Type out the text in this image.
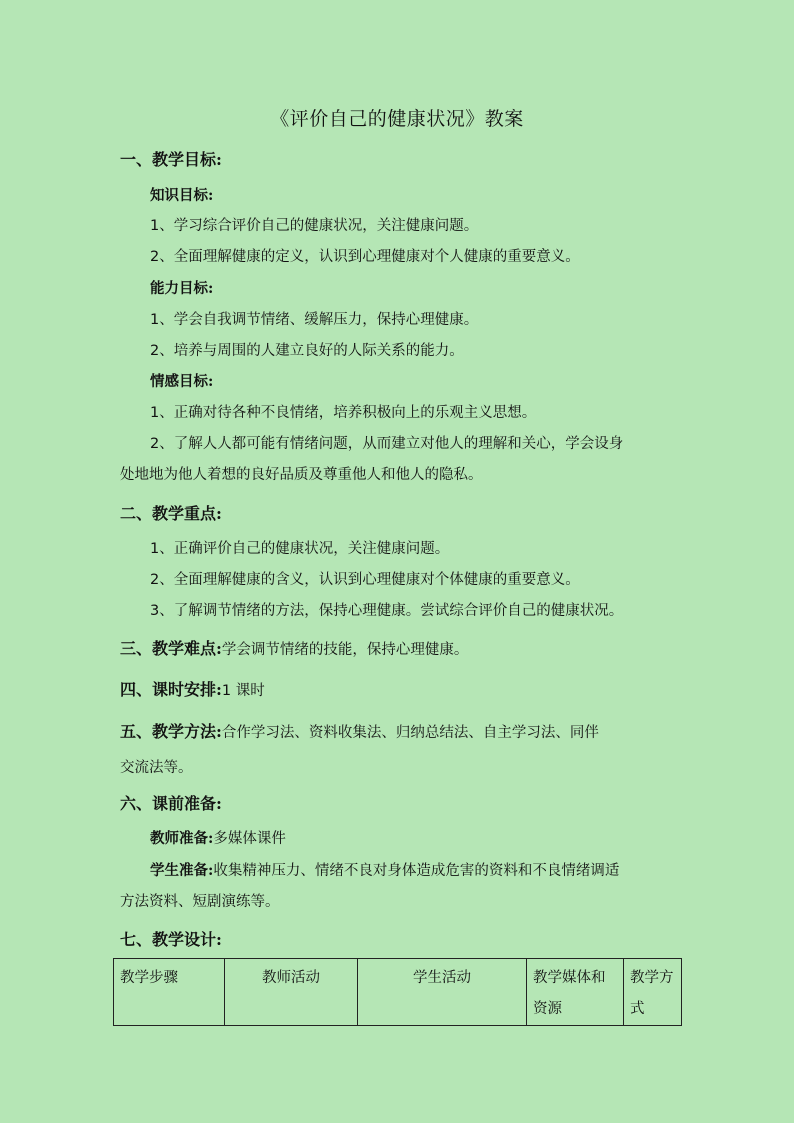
《评价自己的健康状况》教案
一、教学目标:
知识目标:
1、学习综合评价自己的健康状况，关注健康问题。
2、全面理解健康的定义，认识到心理健康对个人健康的重要意义。
能力目标:
1、学会自我调节情绪、缓解压力，保持心理健康。
2、培养与周围的人建立良好的人际关系的能力。
情感目标:
1、正确对待各种不良情绪，培养积极向上的乐观主义思想。
2、了解人人都可能有情绪问题，从而建立对他人的理解和关心，学会设身
处地地为他人着想的良好品质及尊重他人和他人的隐私。
二、教学重点:
1、正确评价自己的健康状况，关注健康问题。
2、全面理解健康的含义，认识到心理健康对个体健康的重要意义。
3、了解调节情绪的方法，保持心理健康。尝试综合评价自己的健康状况。
三、教学难点:学会调节情绪的技能，保持心理健康。
四、课时安排:1 课时
五、教学方法:合作学习法、资料收集法、归纳总结法、自主学习法、同伴
交流法等。
六、课前准备:
教师准备:多媒体课件
学生准备:收集精神压力、情绪不良对身体造成危害的资料和不良情绪调适
方法资料、短剧演练等。
七、教学设计:
教学步骤	教师活动	学生活动	教学媒体和资源	教学方式
